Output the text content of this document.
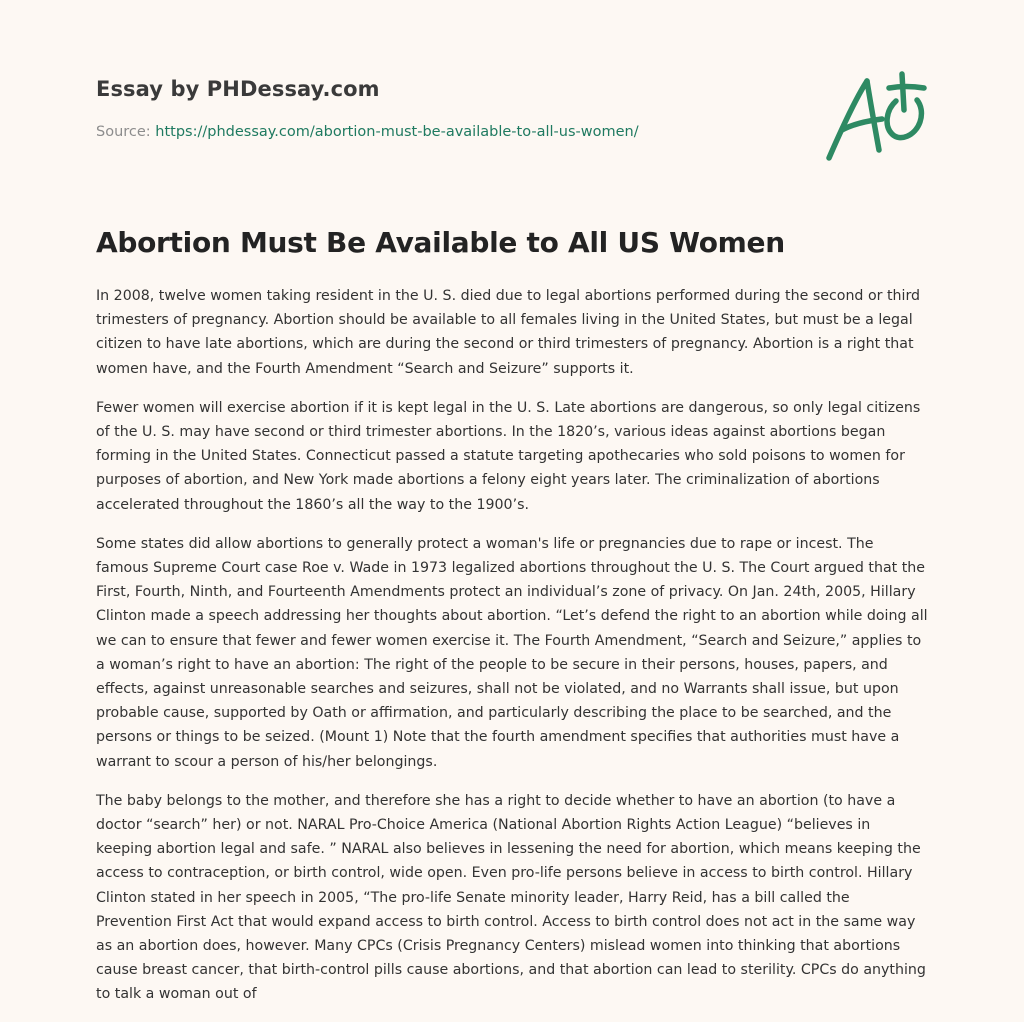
Essay by PHDessay.com
Source: https://phdessay.com/abortion-must-be-available-to-all-us-women/
Abortion Must Be Available to All US Women

In 2008, twelve women taking resident in the U. S. died due to legal abortions performed during the second or third trimesters of pregnancy. Abortion should be available to all females living in the United States, but must be a legal citizen to have late abortions, which are during the second or third trimesters of pregnancy. Abortion is a right that women have, and the Fourth Amendment “Search and Seizure” supports it.

Fewer women will exercise abortion if it is kept legal in the U. S. Late abortions are dangerous, so only legal citizens of the U. S. may have second or third trimester abortions. In the 1820’s, various ideas against abortions began forming in the United States. Connecticut passed a statute targeting apothecaries who sold poisons to women for purposes of abortion, and New York made abortions a felony eight years later. The criminalization of abortions accelerated throughout the 1860’s all the way to the 1900’s.

Some states did allow abortions to generally protect a woman's life or pregnancies due to rape or incest. The famous Supreme Court case Roe v. Wade in 1973 legalized abortions throughout the U. S. The Court argued that the First, Fourth, Ninth, and Fourteenth Amendments protect an individual’s zone of privacy. On Jan. 24th, 2005, Hillary Clinton made a speech addressing her thoughts about abortion. “Let’s defend the right to an abortion while doing all we can to ensure that fewer and fewer women exercise it. The Fourth Amendment, “Search and Seizure,” applies to a woman’s right to have an abortion: The right of the people to be secure in their persons, houses, papers, and effects, against unreasonable searches and seizures, shall not be violated, and no Warrants shall issue, but upon probable cause, supported by Oath or affirmation, and particularly describing the place to be searched, and the persons or things to be seized. (Mount 1) Note that the fourth amendment specifies that authorities must have a warrant to scour a person of his/her belongings.

The baby belongs to the mother, and therefore she has a right to decide whether to have an abortion (to have a doctor “search” her) or not. NARAL Pro-Choice America (National Abortion Rights Action League) “believes in keeping abortion legal and safe. ” NARAL also believes in lessening the need for abortion, which means keeping the access to contraception, or birth control, wide open. Even pro-life persons believe in access to birth control. Hillary Clinton stated in her speech in 2005, “The pro-life Senate minority leader, Harry Reid, has a bill called the Prevention First Act that would expand access to birth control. Access to birth control does not act in the same way as an abortion does, however. Many CPCs (Crisis Pregnancy Centers) mislead women into thinking that abortions cause breast cancer, that birth-control pills cause abortions, and that abortion can lead to sterility. CPCs do anything to talk a woman out of
